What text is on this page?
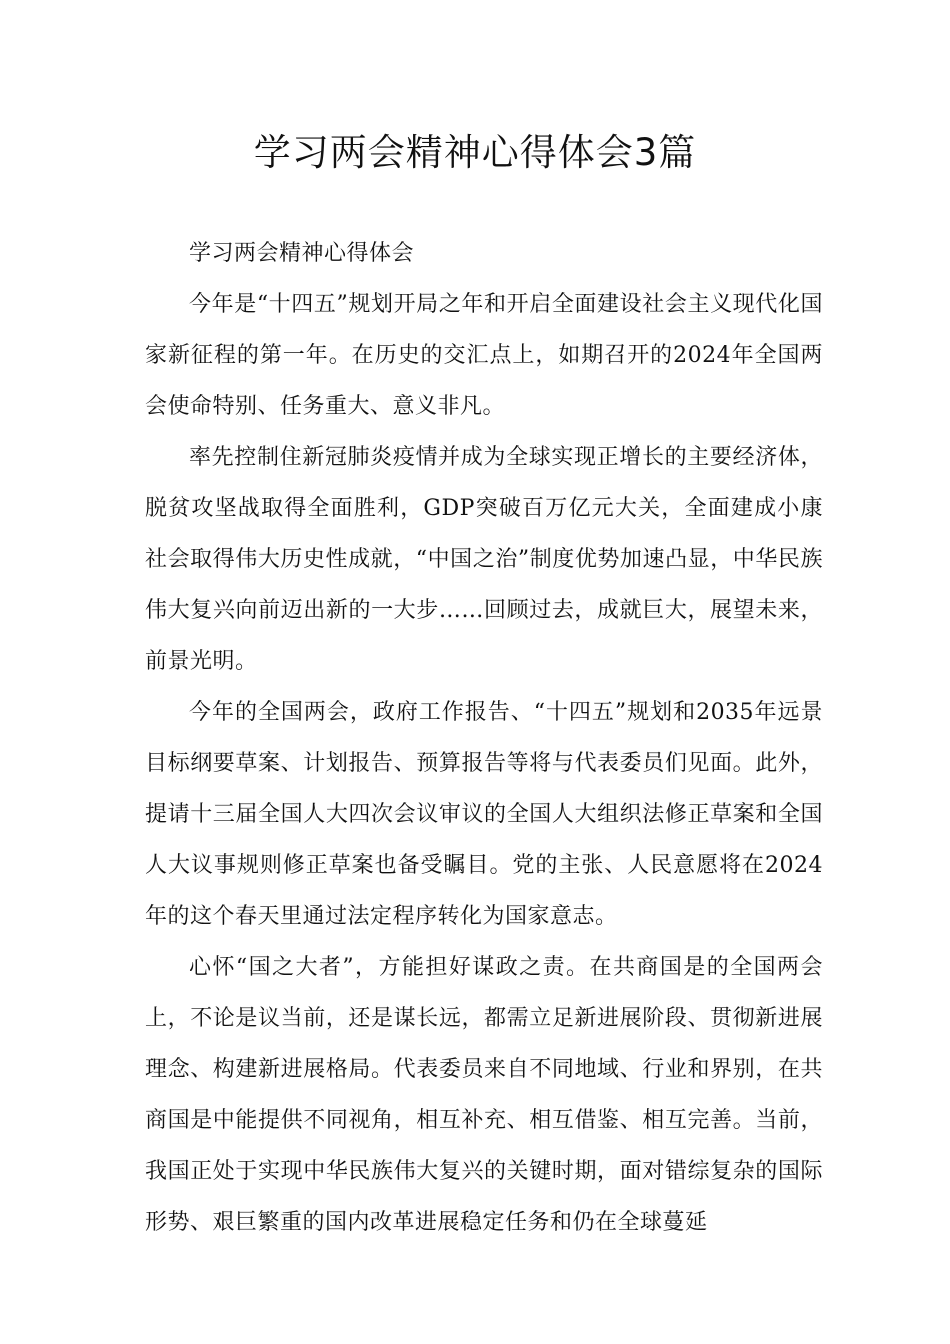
学习两会精神心得体会3篇

学习两会精神心得体会

今年是“十四五”规划开局之年和开启全面建设社会主义现代化国家新征程的第一年。在历史的交汇点上，如期召开的2024年全国两会使命特别、任务重大、意义非凡。

率先控制住新冠肺炎疫情并成为全球实现正增长的主要经济体，脱贫攻坚战取得全面胜利，GDP突破百万亿元大关，全面建成小康社会取得伟大历史性成就，“中国之治”制度优势加速凸显，中华民族伟大复兴向前迈出新的一大步……回顾过去，成就巨大，展望未来，前景光明。

今年的全国两会，政府工作报告、“十四五”规划和2035年远景目标纲要草案、计划报告、预算报告等将与代表委员们见面。此外，提请十三届全国人大四次会议审议的全国人大组织法修正草案和全国人大议事规则修正草案也备受瞩目。党的主张、人民意愿将在2024年的这个春天里通过法定程序转化为国家意志。

心怀“国之大者”，方能担好谋政之责。在共商国是的全国两会上，不论是议当前，还是谋长远，都需立足新进展阶段、贯彻新进展理念、构建新进展格局。代表委员来自不同地域、行业和界别，在共商国是中能提供不同视角，相互补充、相互借鉴、相互完善。当前，我国正处于实现中华民族伟大复兴的关键时期，面对错综复杂的国际形势、艰巨繁重的国内改革进展稳定任务和仍在全球蔓延
